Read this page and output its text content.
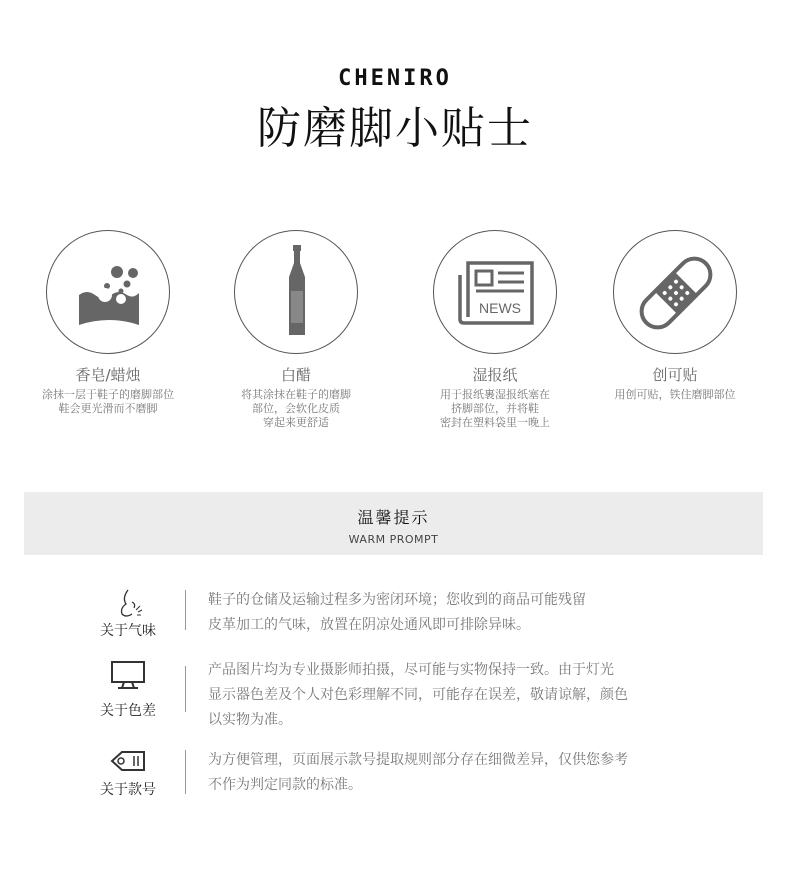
CHENIRO
防磨脚小贴士
香皂/蜡烛
涂抹一层于鞋子的磨脚部位
鞋会更光滑而不磨脚
白醋
将其涂抹在鞋子的磨脚
部位，会软化皮质
穿起来更舒适
NEWS
湿报纸
用于报纸裹湿报纸塞在
挤脚部位，并将鞋
密封在塑料袋里一晚上
创可贴
用创可贴，铁住磨脚部位
温馨提示
WARM PROMPT
关于气味
鞋子的仓储及运输过程多为密闭环境；您收到的商品可能残留
皮革加工的气味，放置在阴凉处通风即可排除异味。
关于色差
产品图片均为专业摄影师拍摄，尽可能与实物保持一致。由于灯光
显示器色差及个人对色彩理解不同，可能存在误差，敬请谅解，颜色
以实物为准。
关于款号
为方便管理，页面展示款号提取规则部分存在细微差异，仅供您参考
不作为判定同款的标准。
